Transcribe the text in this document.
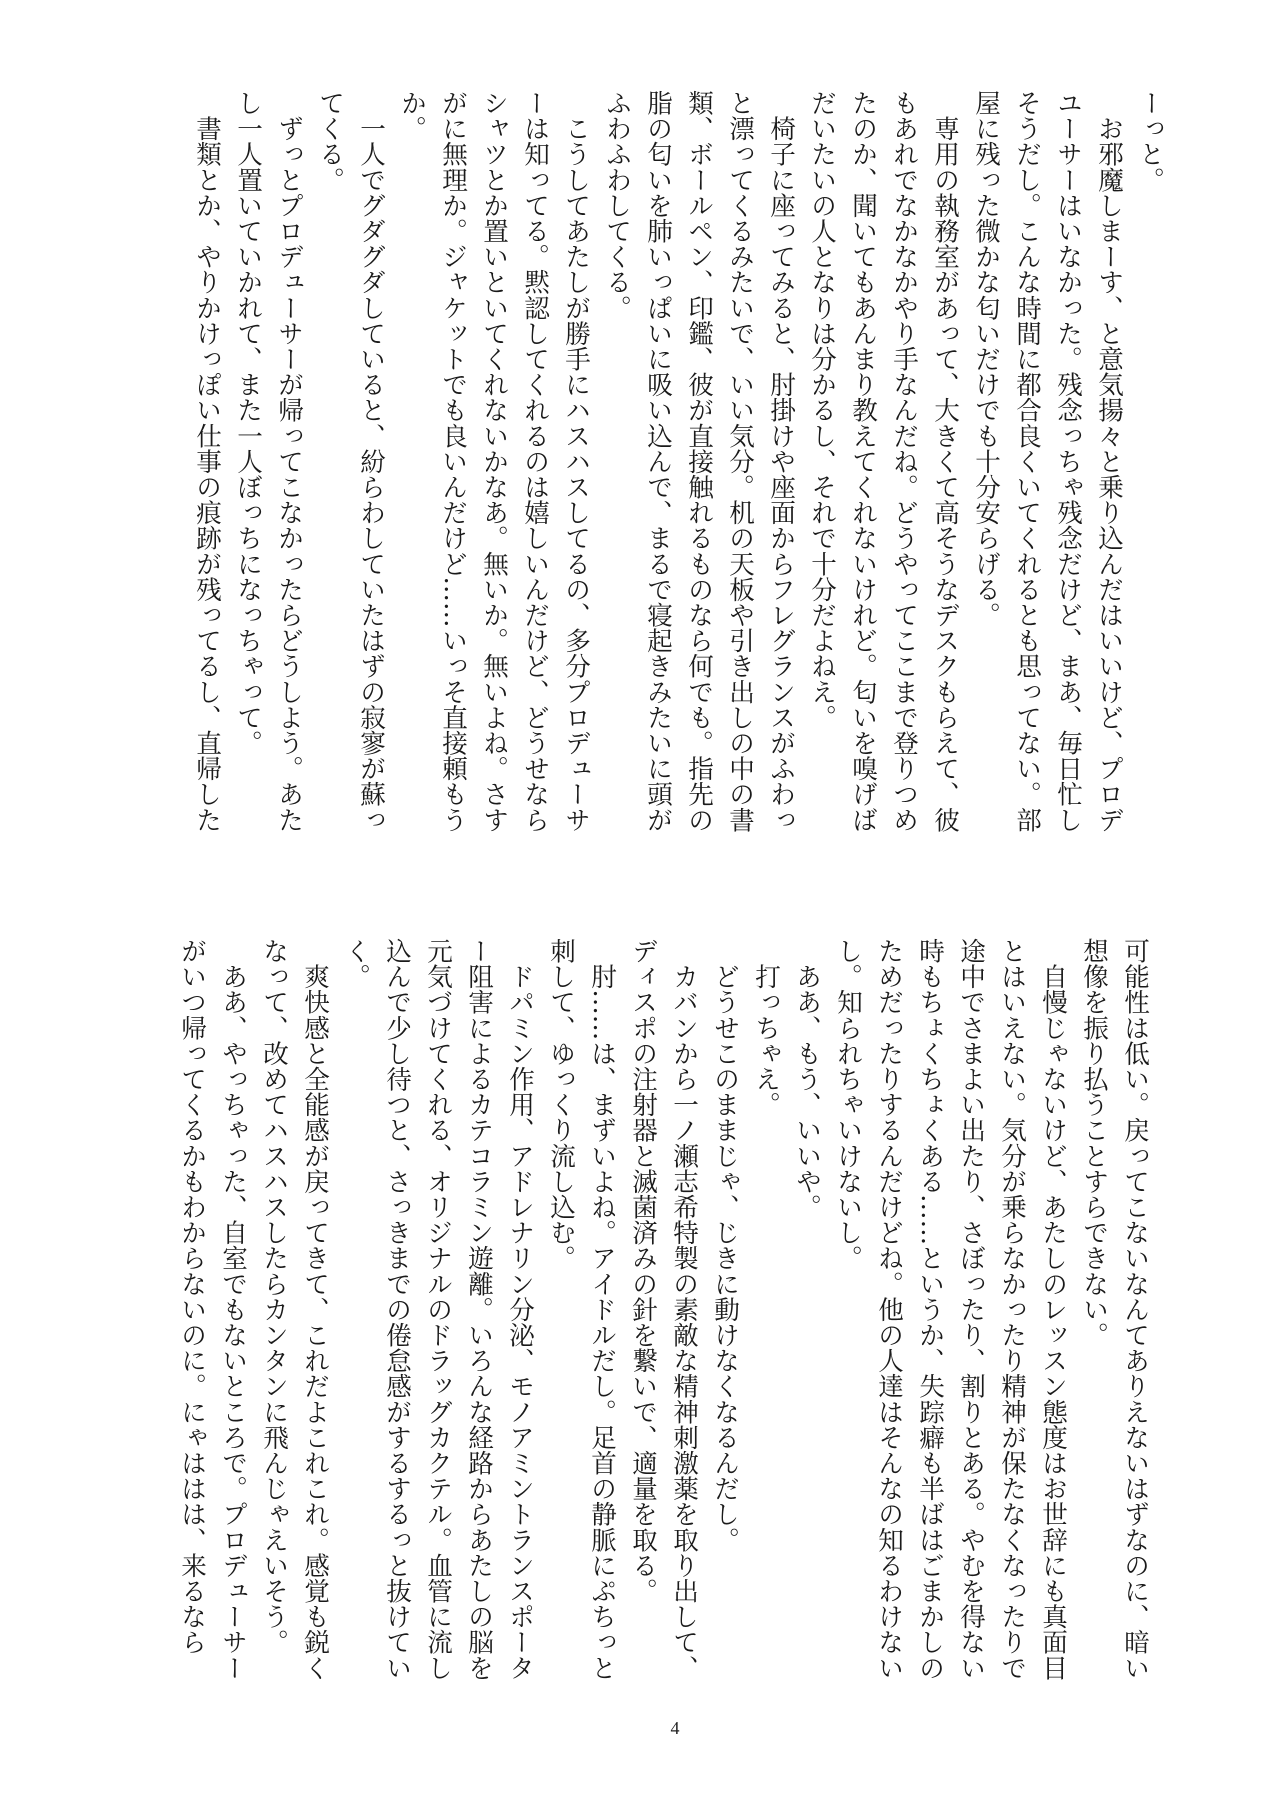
ーっと。
　お邪魔しまーす、と意気揚々と乗り込んだはいいけど、プロデ
ユーサーはいなかった。残念っちゃ残念だけど、まあ、毎日忙し
そうだし。こんな時間に都合良くいてくれるとも思ってない。部
屋に残った微かな匂いだけでも十分安らげる。
　専用の執務室があって、大きくて高そうなデスクもらえて、彼
もあれでなかなかやり手なんだね。どうやってここまで登りつめ
たのか、聞いてもあんまり教えてくれないけれど。匂いを嗅げば
だいたいの人となりは分かるし、それで十分だよねえ。
　椅子に座ってみると、肘掛けや座面からフレグランスがふわっ
と漂ってくるみたいで、いい気分。机の天板や引き出しの中の書
類、ボールペン、印鑑、彼が直接触れるものなら何でも。指先の
脂の匂いを肺いっぱいに吸い込んで、まるで寝起きみたいに頭が
ふわふわしてくる。
　こうしてあたしが勝手にハスハスしてるの、多分プロデューサ
ーは知ってる。黙認してくれるのは嬉しいんだけど、どうせなら
シャツとか置いといてくれないかなあ。無いか。無いよね。さす
がに無理か。ジャケットでも良いんだけど……いっそ直接頼もう
か。
　一人でグダグダしていると、紛らわしていたはずの寂寥が蘇っ
てくる。
　ずっとプロデューサーが帰ってこなかったらどうしよう。あた
し一人置いていかれて、また一人ぼっちになっちゃって。
　書類とか、やりかけっぽい仕事の痕跡が残ってるし、直帰した
可能性は低い。戻ってこないなんてありえないはずなのに、暗い
想像を振り払うことすらできない。
　自慢じゃないけど、あたしのレッスン態度はお世辞にも真面目
とはいえない。気分が乗らなかったり精神が保たなくなったりで
途中でさまよい出たり、さぼったり、割りとある。やむを得ない
時もちょくちょくある……というか、失踪癖も半ばはごまかしの
ためだったりするんだけどね。他の人達はそんなの知るわけない
し。知られちゃいけないし。
　ああ、もう、いいや。
　打っちゃえ。
　どうせこのままじゃ、じきに動けなくなるんだし。
　カバンから一ノ瀬志希特製の素敵な精神刺激薬を取り出して、
ディスポの注射器と滅菌済みの針を繋いで、適量を取る。
　肘……は、まずいよね。アイドルだし。足首の静脈にぷちっと
刺して、ゆっくり流し込む。
　ドパミン作用、アドレナリン分泌、モノアミントランスポータ
ー阻害によるカテコラミン遊離。いろんな経路からあたしの脳を
元気づけてくれる、オリジナルのドラッグカクテル。血管に流し
込んで少し待つと、さっきまでの倦怠感がするするっと抜けてい
く。
　爽快感と全能感が戻ってきて、これだよこれこれ。感覚も鋭く
なって、改めてハスハスしたらカンタンに飛んじゃえいそう。
　ああ、やっちゃった、自室でもないところで。プロデューサー
がいつ帰ってくるかもわからないのに。にゃははは、来るなら
4
